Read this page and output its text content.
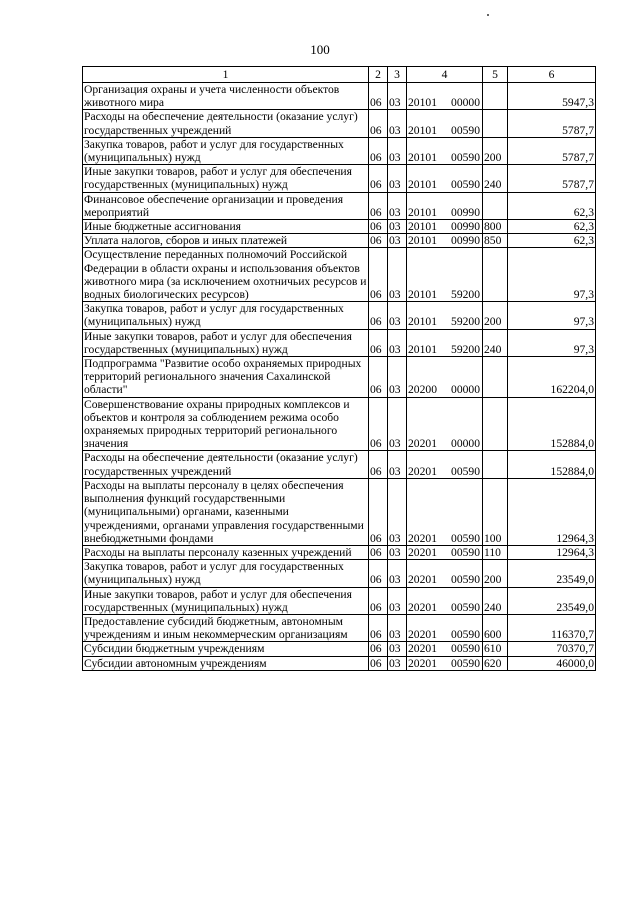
100
1	2	3	4	5	6
Организация охраны и учета численности объектов животного мира	06	03	20101 00000		5947,3
Расходы на обеспечение деятельности (оказание услуг) государственных учреждений	06	03	20101 00590		5787,7
Закупка товаров, работ и услуг для государственных (муниципальных) нужд	06	03	20101 00590	200	5787,7
Иные закупки товаров, работ и услуг для обеспечения государственных (муниципальных) нужд	06	03	20101 00590	240	5787,7
Финансовое обеспечение организации и проведения мероприятий	06	03	20101 00990		62,3
Иные бюджетные ассигнования	06	03	20101 00990	800	62,3
Уплата налогов, сборов и иных платежей	06	03	20101 00990	850	62,3
Осуществление переданных полномочий Российской Федерации в области охраны и использования объектов животного мира (за исключением охотничьих ресурсов и водных биологических ресурсов)	06	03	20101 59200		97,3
Закупка товаров, работ и услуг для государственных (муниципальных) нужд	06	03	20101 59200	200	97,3
Иные закупки товаров, работ и услуг для обеспечения государственных (муниципальных) нужд	06	03	20101 59200	240	97,3
Подпрограмма "Развитие особо охраняемых природных территорий регионального значения Сахалинской области"	06	03	20200 00000		162204,0
Совершенствование охраны природных комплексов и объектов и контроля за соблюдением режима особо охраняемых природных территорий регионального значения	06	03	20201 00000		152884,0
Расходы на обеспечение деятельности (оказание услуг) государственных учреждений	06	03	20201 00590		152884,0
Расходы на выплаты персоналу в целях обеспечения выполнения функций государственными (муниципальными) органами, казенными учреждениями, органами управления государственными внебюджетными фондами	06	03	20201 00590	100	12964,3
Расходы на выплаты персоналу казенных учреждений	06	03	20201 00590	110	12964,3
Закупка товаров, работ и услуг для государственных (муниципальных) нужд	06	03	20201 00590	200	23549,0
Иные закупки товаров, работ и услуг для обеспечения государственных (муниципальных) нужд	06	03	20201 00590	240	23549,0
Предоставление субсидий бюджетным, автономным учреждениям и иным некоммерческим организациям	06	03	20201 00590	600	116370,7
Субсидии бюджетным учреждениям	06	03	20201 00590	610	70370,7
Субсидии автономным учреждениям	06	03	20201 00590	620	46000,0
